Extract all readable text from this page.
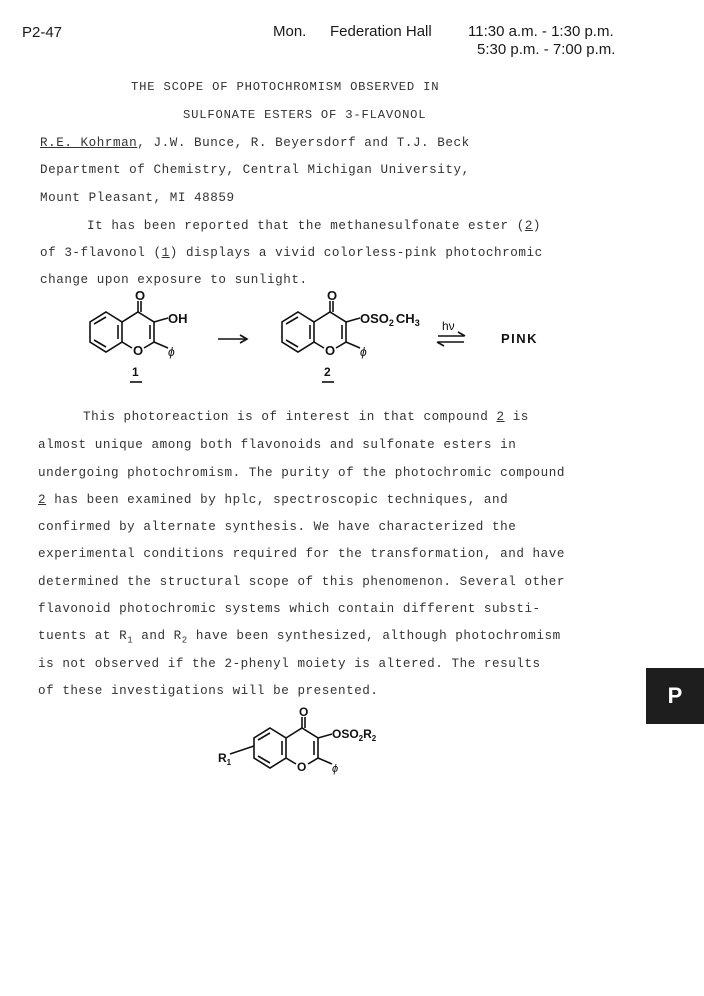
P2-47	Mon. Federation Hall 11:30 a.m. - 1:30 p.m.
5:30 p.m. - 7:00 p.m.
THE SCOPE OF PHOTOCHROMISM OBSERVED IN
SULFONATE ESTERS OF 3-FLAVONOL
R.E. Kohrman, J.W. Bunce, R. Beyersdorf and T.J. Beck
Department of Chemistry, Central Michigan University,
Mount Pleasant, MI 48859
It has been reported that the methanesulfonate ester (2)
of 3-flavonol (1) displays a vivid colorless-pink photochromic
change upon exposure to sunlight.
O
OH
O ɸ
1
O
$OSO_2$ $CH_3$
O ɸ
2
hν
PINK
This photoreaction is of interest in that compound 2 is
almost unique among both flavonoids and sulfonate esters in
undergoing photochromism. The purity of the photochromic compound
2 has been examined by hplc, spectroscopic techniques, and
confirmed by alternate synthesis. We have characterized the
experimental conditions required for the transformation, and have
determined the structural scope of this phenomenon. Several other
flavonoid photochromic systems which contain different substi-
tuents at $R_1$ and $R_2$ have been synthesized, although photochromism
is not observed if the 2-phenyl moiety is altered. The results
of these investigations will be presented.
O
$OSO_2R_2$
O ɸ
$R_1$
P
